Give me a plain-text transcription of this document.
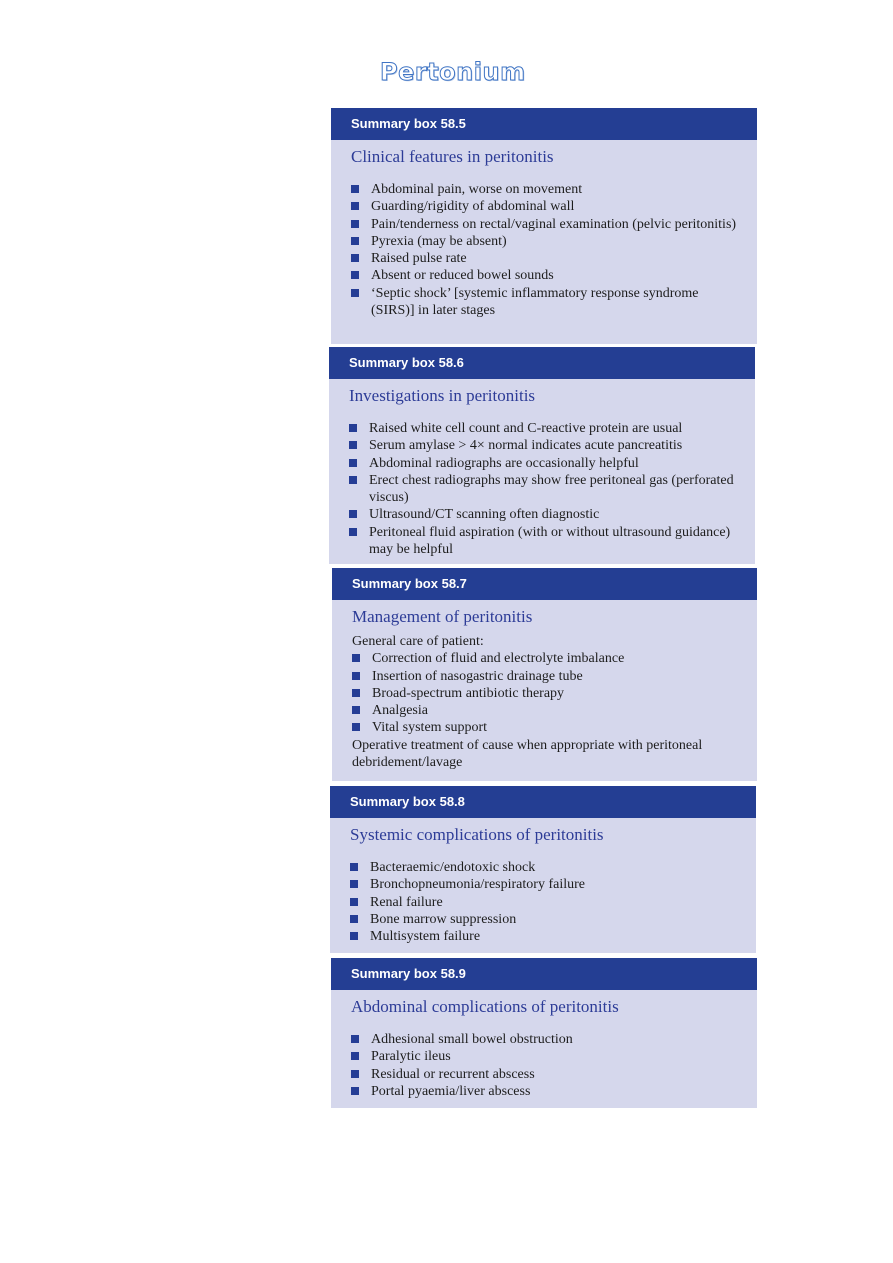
Pertonium
Summary box 58.5
Clinical features in peritonitis
Abdominal pain, worse on movement
Guarding/rigidity of abdominal wall
Pain/tenderness on rectal/vaginal examination (pelvic peritonitis)
Pyrexia (may be absent)
Raised pulse rate
Absent or reduced bowel sounds
‘Septic shock’ [systemic inflammatory response syndrome (SIRS)] in later stages
Summary box 58.6
Investigations in peritonitis
Raised white cell count and C-reactive protein are usual
Serum amylase > 4× normal indicates acute pancreatitis
Abdominal radiographs are occasionally helpful
Erect chest radiographs may show free peritoneal gas (perforated viscus)
Ultrasound/CT scanning often diagnostic
Peritoneal fluid aspiration (with or without ultrasound guidance) may be helpful
Summary box 58.7
Management of peritonitis

General care of patient:

Correction of fluid and electrolyte imbalance
Insertion of nasogastric drainage tube
Broad-spectrum antibiotic therapy
Analgesia
Vital system support

Operative treatment of cause when appropriate with peritoneal debridement/lavage

Summary box 58.8
Systemic complications of peritonitis
Bacteraemic/endotoxic shock
Bronchopneumonia/respiratory failure
Renal failure
Bone marrow suppression
Multisystem failure
Summary box 58.9
Abdominal complications of peritonitis
Adhesional small bowel obstruction
Paralytic ileus
Residual or recurrent abscess
Portal pyaemia/liver abscess
